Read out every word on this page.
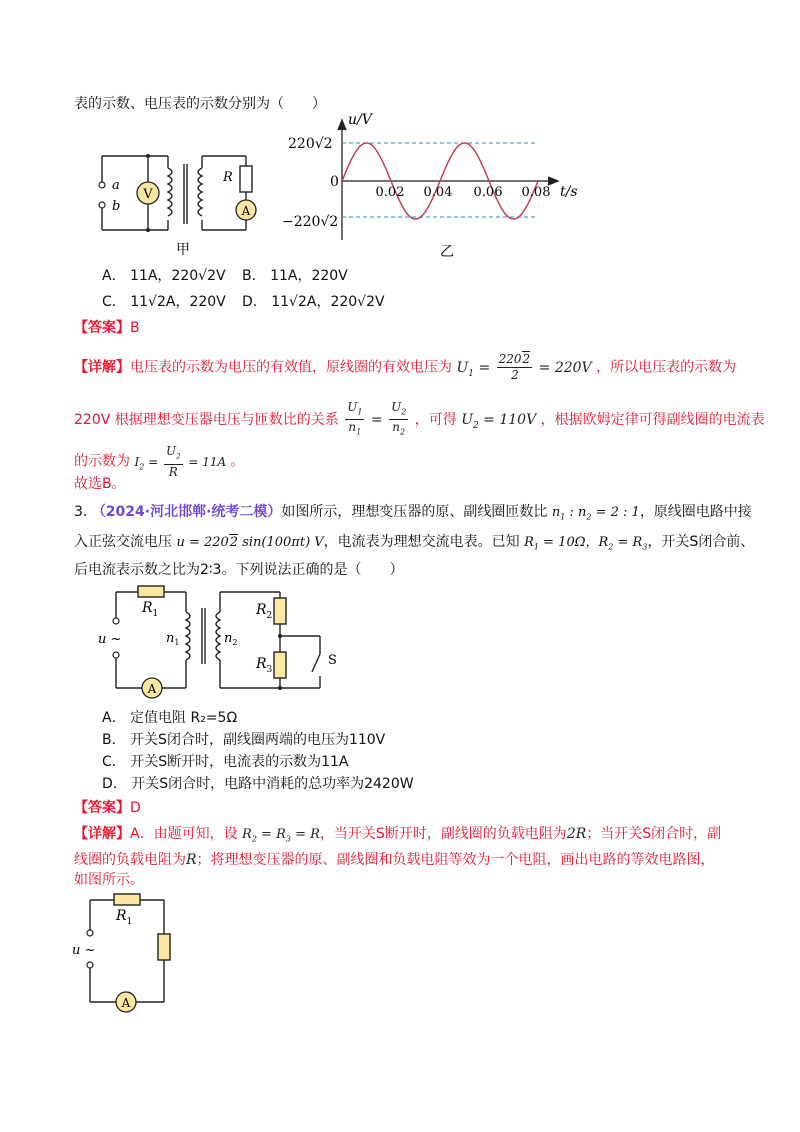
表的示数、电压表的示数分别为（　　）
a
b
V
A
R
甲
u/V
220√2
−220√2
0
0.02 0.04 0.06 0.08 t/s
乙
A． 11A，220√2V B． 11A，220V
C． 11√2A，220V D． 11√2A，220√2V
【答案】B
【详解】电压表的示数为电压的有效值，原线圈的有效电压为 $U_1 = \frac{2202}{2} = 220V$ ，所以电压表的示数为
220V 根据理想变压器电压与匝数比的关系 $\frac{U_1}{n_1} = \frac{U_2}{n_2}$ ，可得 $U_2 = 110V$ ，根据欧姆定律可得副线圈的电流表
的示数为 $I_2 = \frac{U_2}{R} = 11A$ 。
故选B。
3. （2024·河北邯郸·统考二模）如图所示，理想变压器的原、副线圈匝数比 $n_1$ : $n_2 = 2$ : 1，原线圈电路中接
入正弦交流电压 u = 2202 sin(100πt) V，电流表为理想交流电表。已知 $R_1 = 10\Omega$，$R_2 = R_3$，开关S闭合前、
后电流表示数之比为2∶3。下列说法正确的是（　　）
A
$R_1$	$R_2$
$R_3$
$n_1$	$n_2$
u ~
S
A． 定值电阻 R₂=5Ω
B． 开关S闭合时，副线圈两端的电压为110V
C． 开关S断开时，电流表的示数为11A
D． 开关S闭合时，电路中消耗的总功率为2420W
【答案】D
【详解】A．由题可知，设 $R_2 = R_3 = R$，当开关S断开时，副线圈的负载电阻为2R；当开关S闭合时，副
线圈的负载电阻为R；将理想变压器的原、副线圈和负载电阻等效为一个电阻，画出电路的等效电路图，
如图所示。
A
$R_1$
u ~
